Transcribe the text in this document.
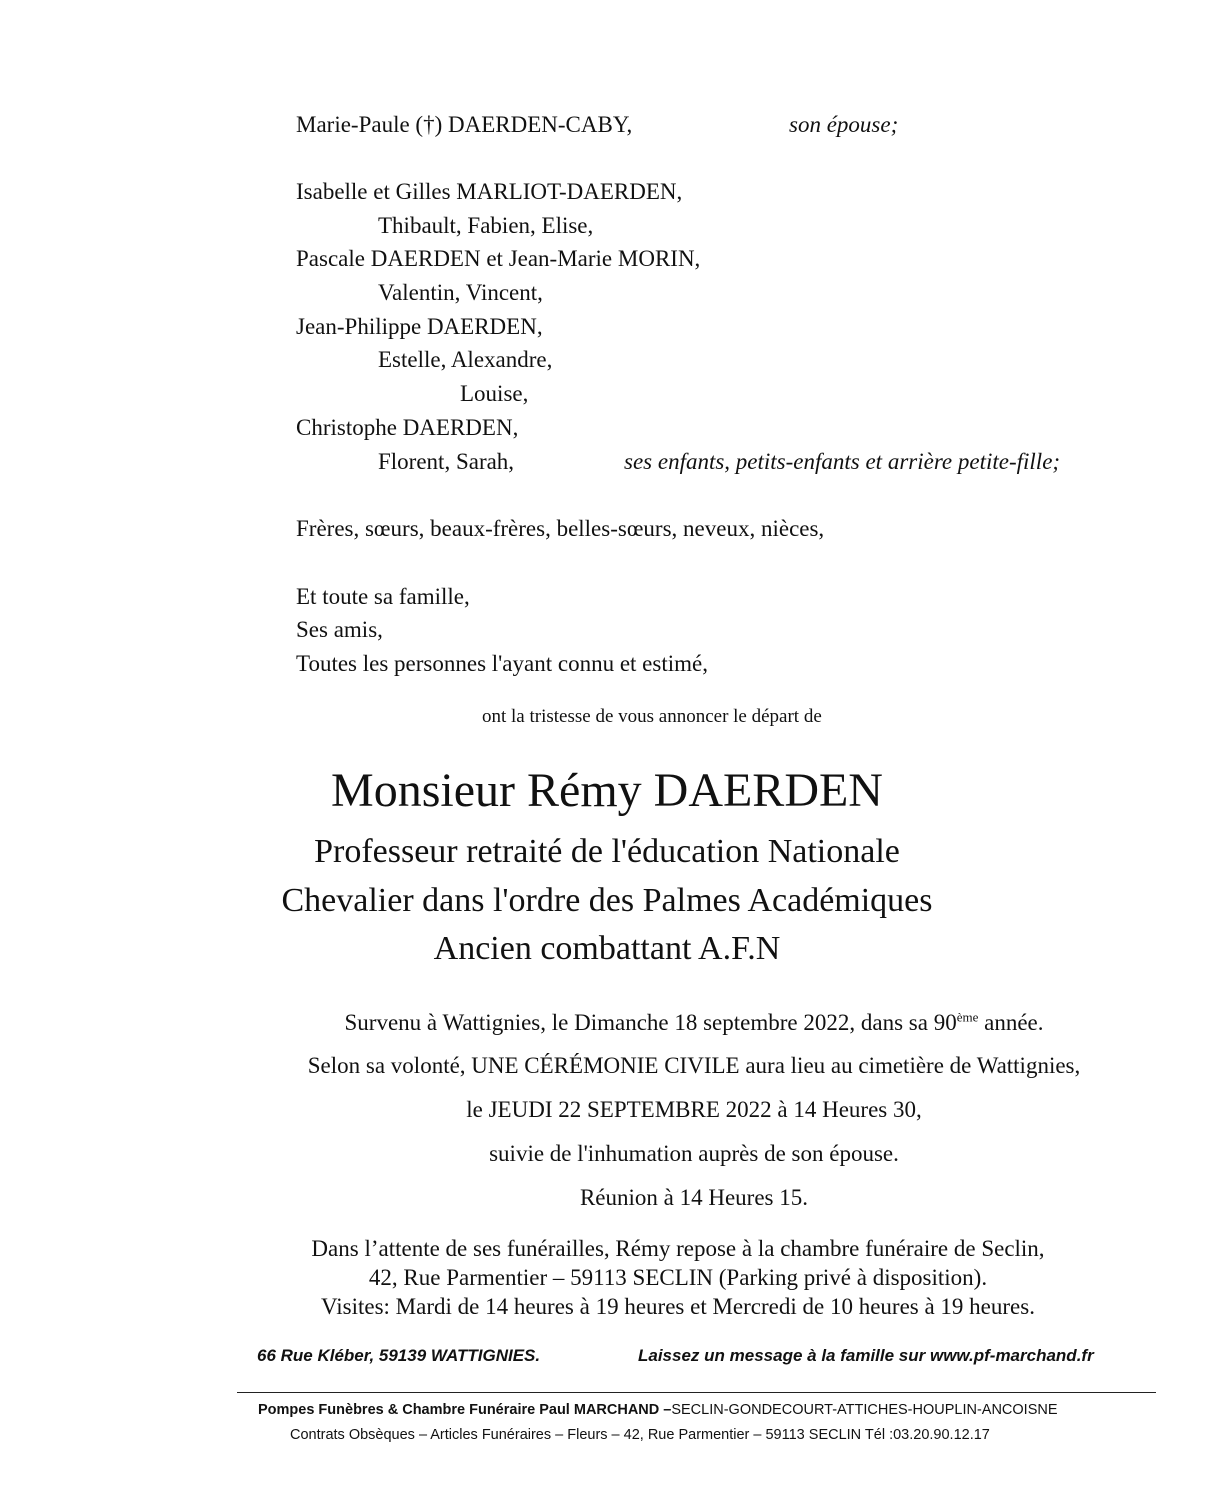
Marie-Paule (†) DAERDEN-CABY,	son épouse;
Isabelle et Gilles MARLIOT-DAERDEN,
Thibault, Fabien, Elise,
Pascale DAERDEN et Jean-Marie MORIN,
Valentin, Vincent,
Jean-Philippe DAERDEN,
Estelle, Alexandre,
Louise,
Christophe DAERDEN,
Florent, Sarah,	ses enfants, petits-enfants et arrière petite-fille;
Frères, sœurs, beaux-frères, belles-sœurs, neveux, nièces,
Et toute sa famille,
Ses amis,
Toutes les personnes l'ayant connu et estimé,
ont la tristesse de vous annoncer le départ de
Monsieur Rémy DAERDEN
Professeur retraité de l'éducation Nationale
Chevalier dans l'ordre des Palmes Académiques
Ancien combattant A.F.N
Survenu à Wattignies, le Dimanche 18 septembre 2022, dans sa 90ème année.
Selon sa volonté, UNE CÉRÉMONIE CIVILE aura lieu au cimetière de Wattignies,
le JEUDI 22 SEPTEMBRE 2022 à 14 Heures 30,
suivie de l'inhumation auprès de son épouse.
Réunion à 14 Heures 15.
Dans l’attente de ses funérailles, Rémy repose à la chambre funéraire de Seclin,
42, Rue Parmentier – 59113 SECLIN (Parking privé à disposition).
Visites: Mardi de 14 heures à 19 heures et Mercredi de 10 heures à 19 heures.
66 Rue Kléber, 59139 WATTIGNIES.	Laissez un message à la famille sur www.pf-marchand.fr
Pompes Funèbres & Chambre Funéraire Paul MARCHAND –SECLIN-GONDECOURT-ATTICHES-HOUPLIN-ANCOISNE
Contrats Obsèques – Articles Funéraires – Fleurs – 42, Rue Parmentier – 59113 SECLIN Tél :03.20.90.12.17
